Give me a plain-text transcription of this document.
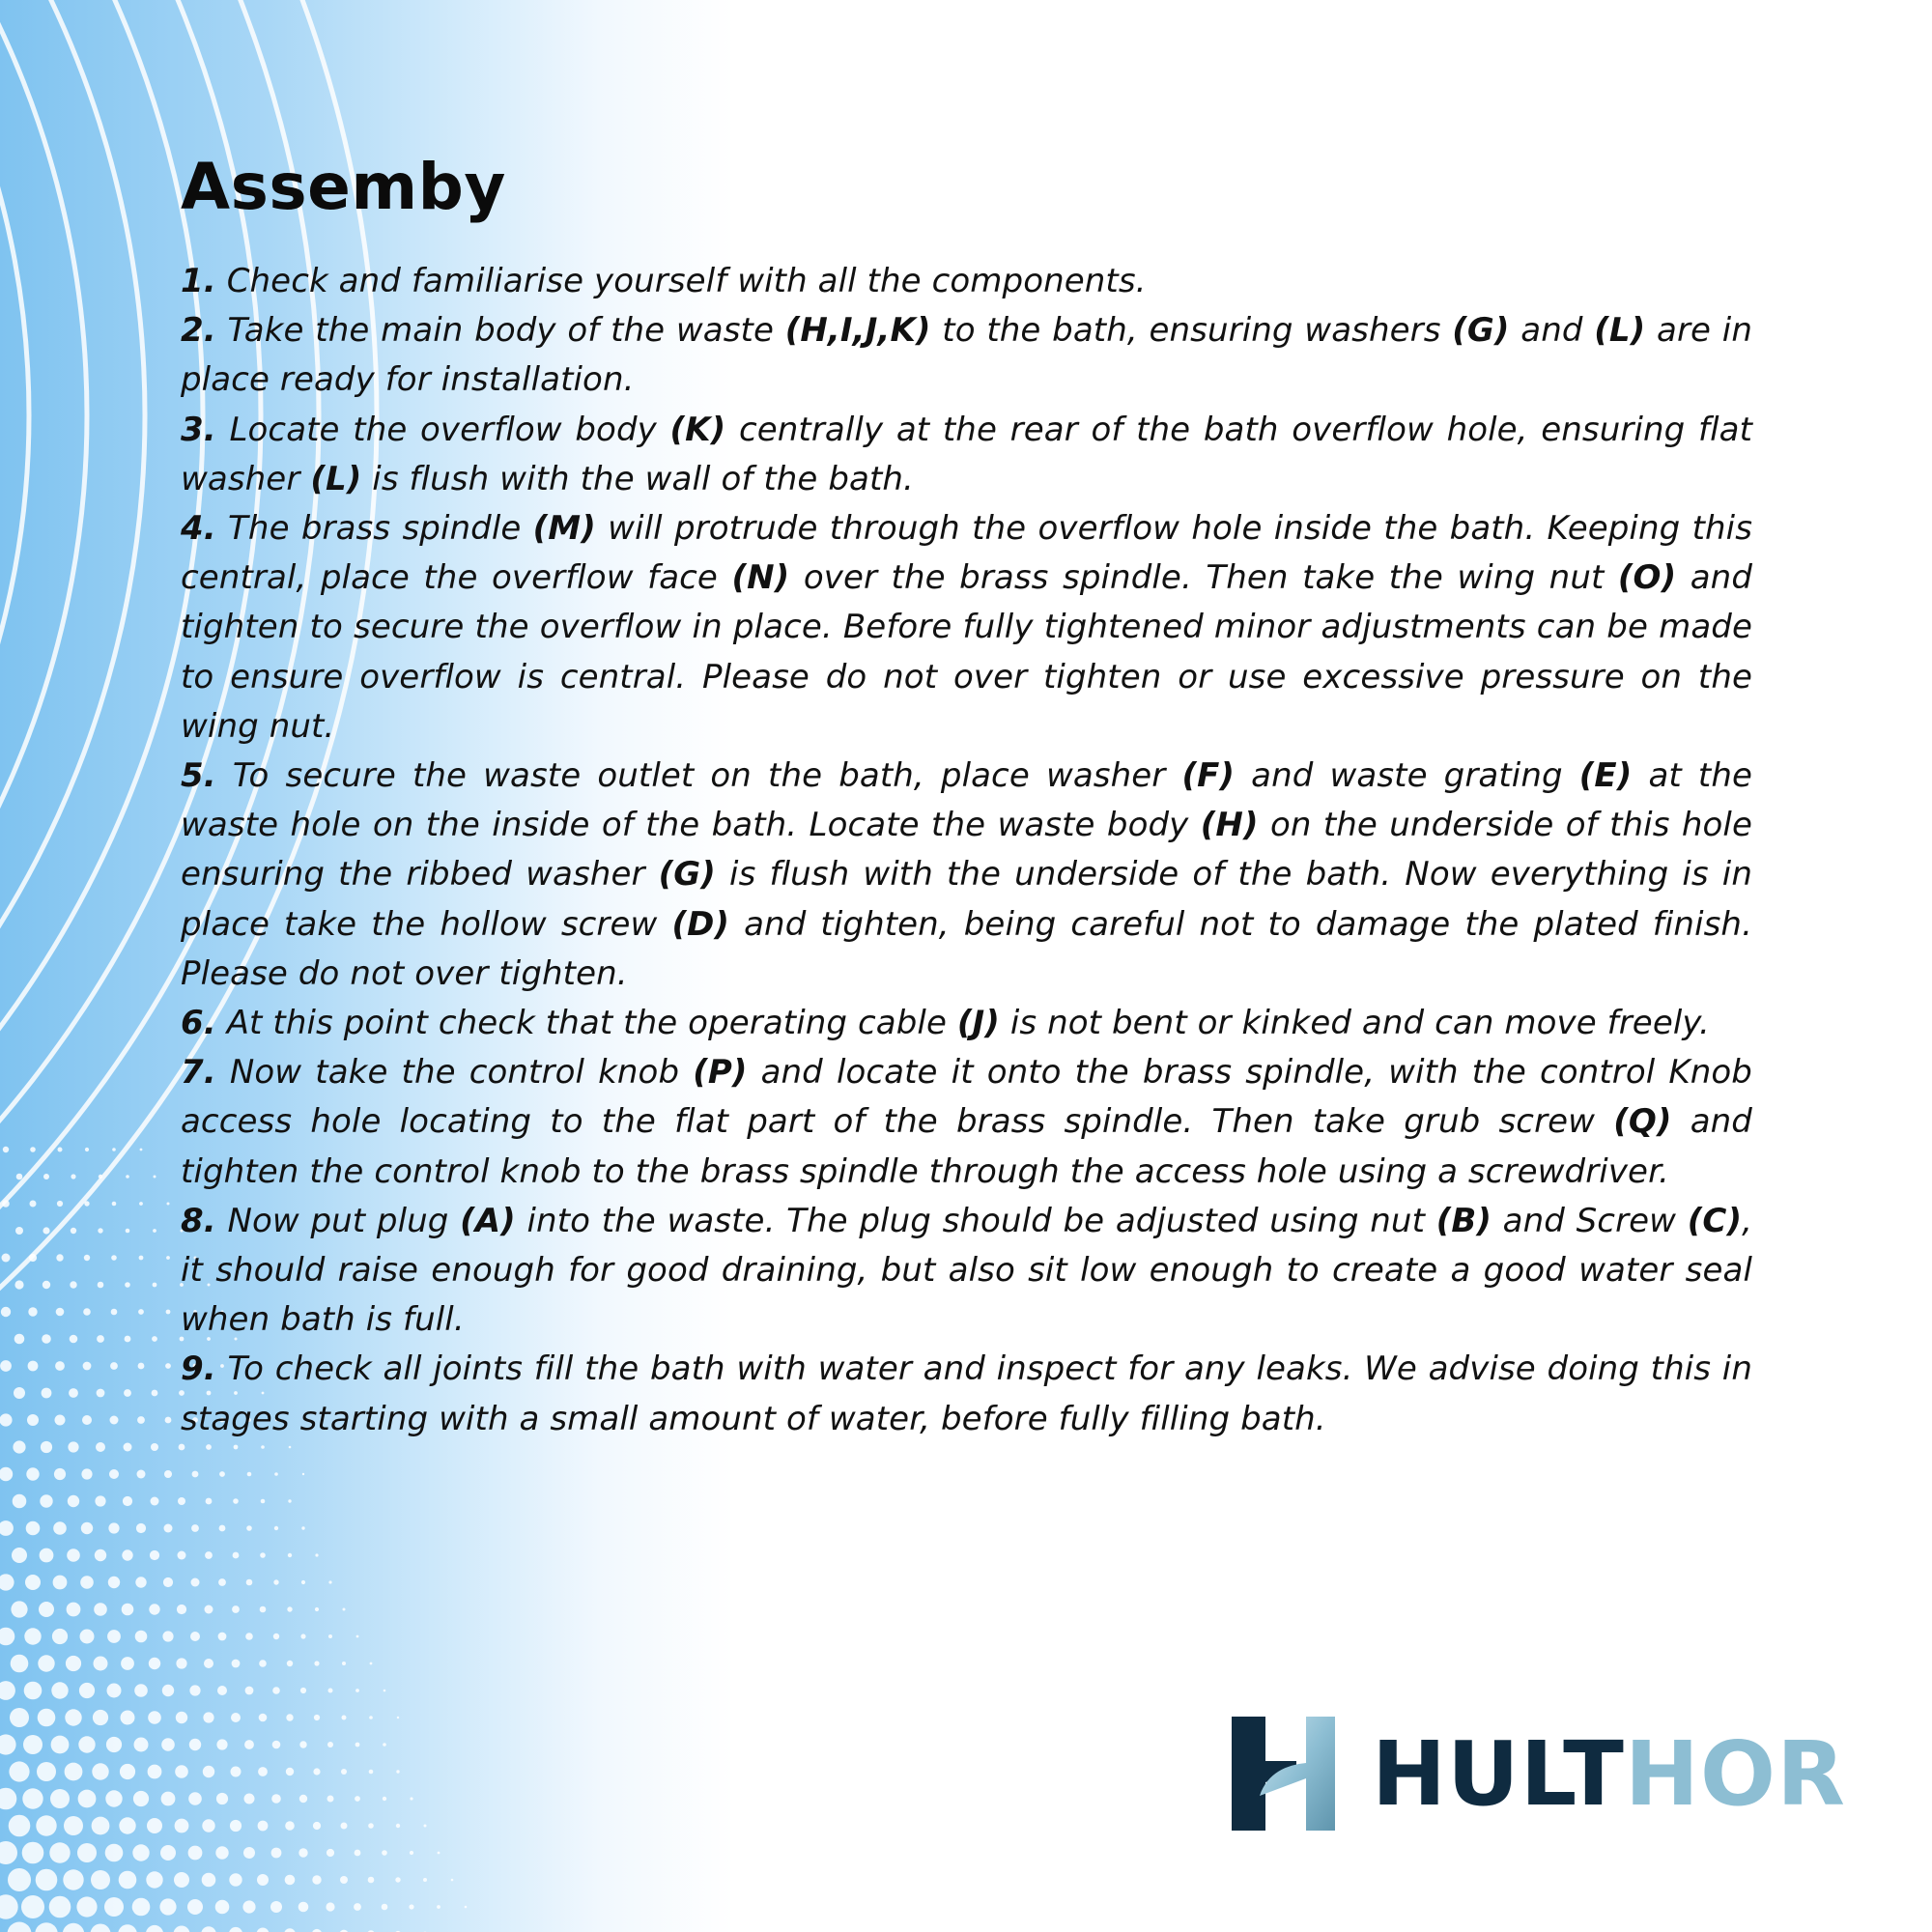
Assemby

1. Check and familiarise yourself with all the components.

2. Take the main body of the waste (H,I,J,K) to the bath, ensuring washers (G) and (L) are in place ready for installation.

3. Locate the overflow body (K) centrally at the rear of the bath overflow hole, ensuring flat washer (L) is flush with the wall of the bath.

4. The brass spindle (M) will protrude through the overflow hole inside the bath. Keeping this central, place the overflow face (N) over the brass spindle. Then take the wing nut (O) and tighten to secure the overflow in place. Before fully tightened minor adjustments can be made to ensure overflow is central. Please do not over tighten or use excessive pressure on the wing nut.

5. To secure the waste outlet on the bath, place washer (F) and waste grating (E) at the waste hole on the inside of the bath. Locate the waste body (H) on the underside of this hole ensuring the ribbed washer (G) is flush with the underside of the bath. Now everything is in place take the hollow screw (D) and tighten, being careful not to damage the plated finish. Please do not over tighten.

6. At this point check that the operating cable (J) is not bent or kinked and can move freely.

7. Now take the control knob (P) and locate it onto the brass spindle, with the control Knob access hole locating to the flat part of the brass spindle. Then take grub screw (Q) and tighten the control knob to the brass spindle through the access hole using a screwdriver.

8. Now put plug (A) into the waste. The plug should be adjusted using nut (B) and Screw (C), it should raise enough for good draining, but also sit low enough to create a good water seal when bath is full.

9. To check all joints fill the bath with water and inspect for any leaks. We advise doing this in stages starting with a small amount of water, before fully filling bath.

HULTHOR
